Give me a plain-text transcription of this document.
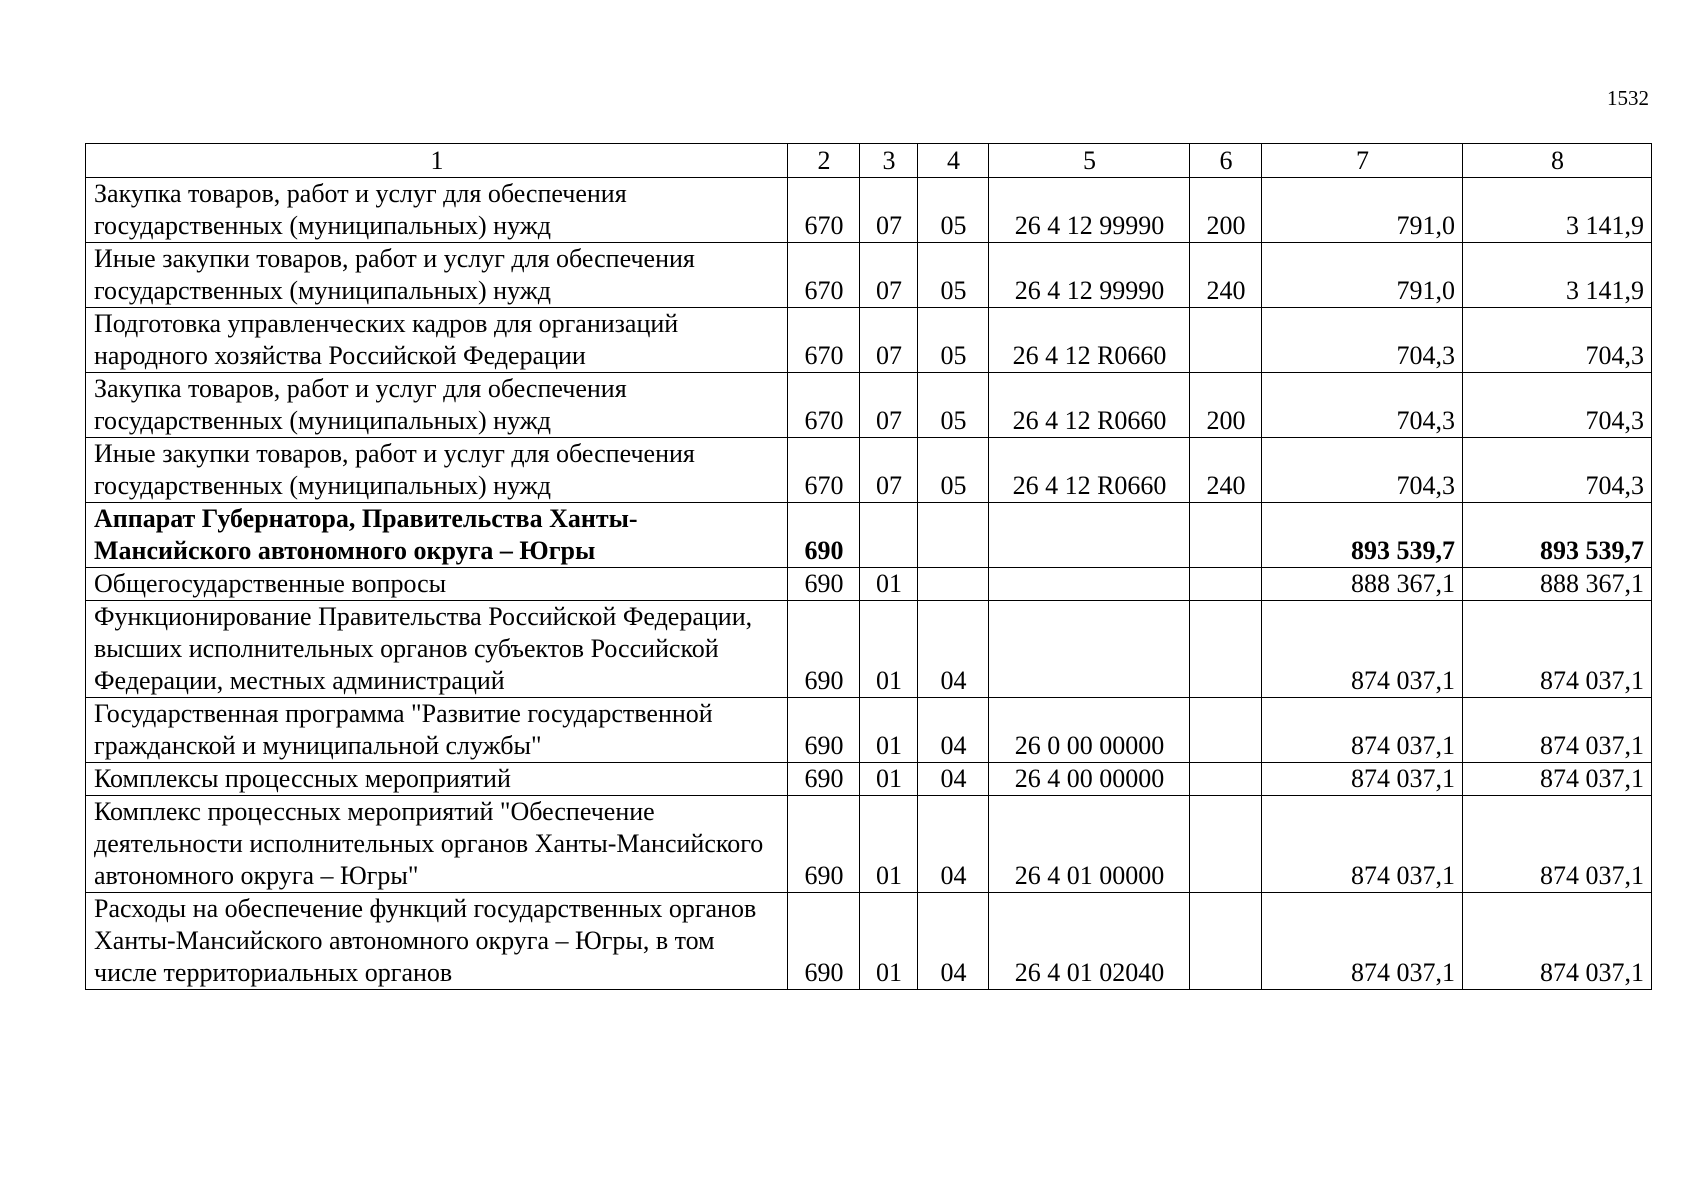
1532
1	2	3	4	5	6	7	8
Закупка товаров, работ и услуг для обеспечения государственных (муниципальных) нужд	670	07	05	26 4 12 99990	200	791,0	3 141,9
Иные закупки товаров, работ и услуг для обеспечения государственных (муниципальных) нужд	670	07	05	26 4 12 99990	240	791,0	3 141,9
Подготовка управленческих кадров для организаций народного хозяйства Российской Федерации	670	07	05	26 4 12 R0660		704,3	704,3
Закупка товаров, работ и услуг для обеспечения государственных (муниципальных) нужд	670	07	05	26 4 12 R0660	200	704,3	704,3
Иные закупки товаров, работ и услуг для обеспечения государственных (муниципальных) нужд	670	07	05	26 4 12 R0660	240	704,3	704,3
Аппарат Губернатора, Правительства Ханты-Мансийского автономного округа – Югры	690					893 539,7	893 539,7
Общегосударственные вопросы	690	01				888 367,1	888 367,1
Функционирование Правительства Российской Федерации, высших исполнительных органов субъектов Российской Федерации, местных администраций	690	01	04			874 037,1	874 037,1
Государственная программа "Развитие государственной гражданской и муниципальной службы"	690	01	04	26 0 00 00000		874 037,1	874 037,1
Комплексы процессных мероприятий	690	01	04	26 4 00 00000		874 037,1	874 037,1
Комплекс процессных мероприятий "Обеспечение деятельности исполнительных органов Ханты-Мансийского автономного округа – Югры"	690	01	04	26 4 01 00000		874 037,1	874 037,1
Расходы на обеспечение функций государственных органов Ханты-Мансийского автономного округа – Югры, в том числе территориальных органов	690	01	04	26 4 01 02040		874 037,1	874 037,1
